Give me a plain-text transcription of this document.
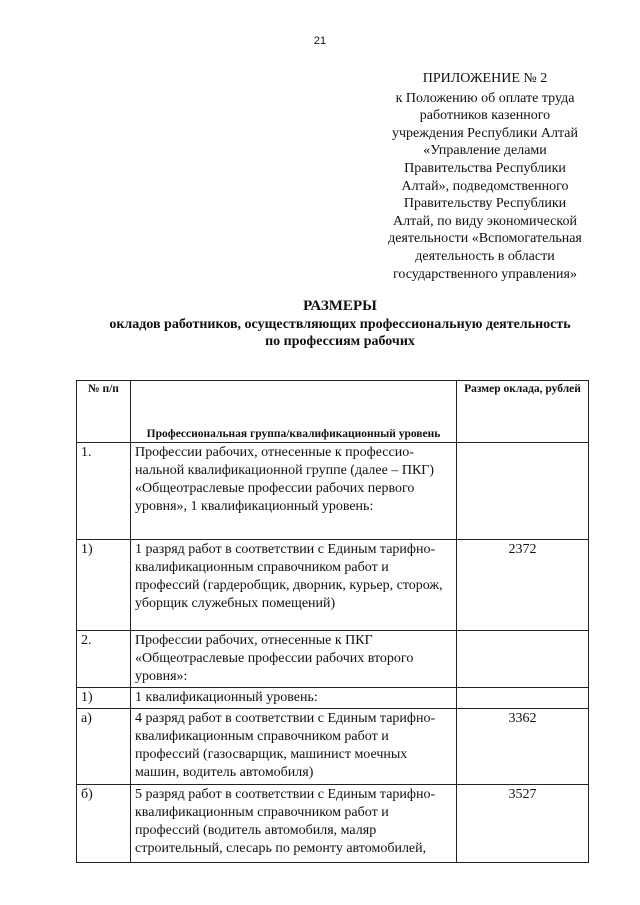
21
ПРИЛОЖЕНИЕ № 2
к Положению об оплате труда
работников казенного
учреждения Республики Алтай
«Управление делами
Правительства Республики
Алтай», подведомственного
Правительству Республики
Алтай, по виду экономической
деятельности «Вспомогательная
деятельность в области
государственного управления»
РАЗМЕРЫ
окладов работников, осуществляющих профессиональную деятельность
по профессиям рабочих
№ п/п	Профессиональная группа/квалификационный уровень	Размер оклада, рублей
1.	Профессии рабочих, отнесенные к профессио-нальной квалификационной группе (далее – ПКГ) «Общеотраслевые профессии рабочих первого уровня», 1 квалификационный уровень:	
1)	1 разряд работ в соответствии с Единым тарифно-квалификационным справочником работ и профессий (гардеробщик, дворник, курьер, сторож, уборщик служебных помещений)	2372
2.	Профессии рабочих, отнесенные к ПКГ «Общеотраслевые профессии рабочих второго уровня»:	
1)	1 квалификационный уровень:	
а)	4 разряд работ в соответствии с Единым тарифно-квалификационным справочником работ и профессий (газосварщик, машинист моечных машин, водитель автомобиля)	3362
б)	5 разряд работ в соответствии с Единым тарифно-квалификационным справочником работ и профессий (водитель автомобиля, маляр строительный, слесарь по ремонту автомобилей,	3527
